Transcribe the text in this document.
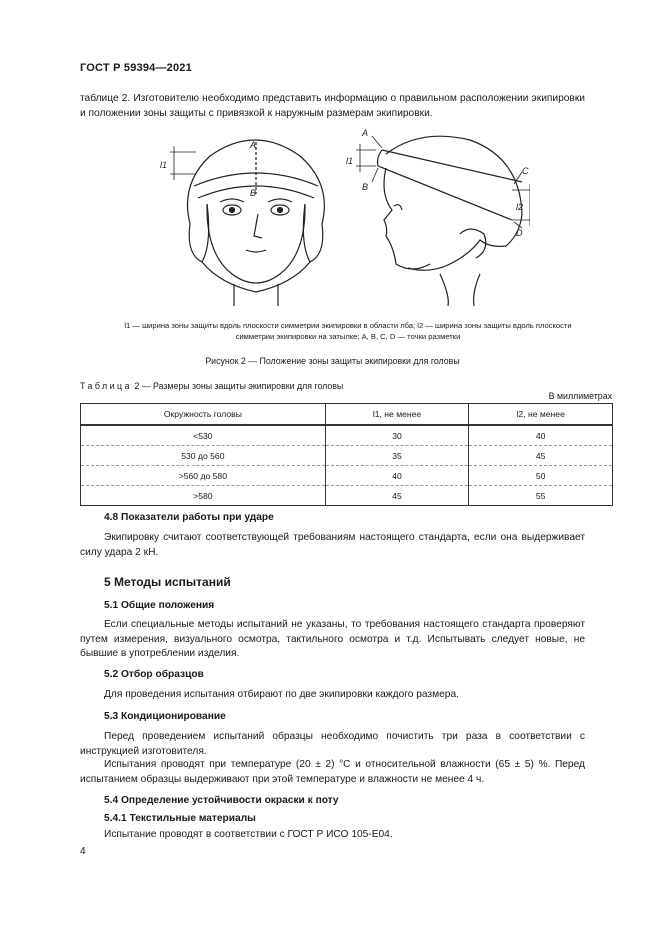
ГОСТ Р 59394—2021

таблице 2. Изготовителю необходимо представить информацию о правильном расположении экипировки и положении зоны защиты с привязкой к наружным размерам экипировки.

A
B
l1
A
B
C
D
l1
l2
l1 — ширина зоны защиты вдоль плоскости симметрии экипировки в области лба; l2 — ширина зоны защиты вдоль плоскости
симметрии экипировки на затылке; A, B, C, D — точки разметки
Рисунок 2 — Положение зоны защиты экипировки для головы
Таблица 2 — Размеры зоны защиты экипировки для головы
В миллиметрах
Окружность головы	l1, не менее	l2, не менее
<530	30	40
530 до 560	35	45
>560 до 580	40	50
>580	45	55

4.8 Показатели работы при ударе

Экипировку считают соответствующей требованиям настоящего стандарта, если она выдерживает силу удара 2 кН.

5 Методы испытаний

5.1 Общие положения

Если специальные методы испытаний не указаны, то требования настоящего стандарта проверяют путем измерения, визуального осмотра, тактильного осмотра и т.д. Испытывать следует новые, не бывшие в употреблении изделия.

5.2 Отбор образцов

Для проведения испытания отбирают по две экипировки каждого размера.

5.3 Кондиционирование

Перед проведением испытаний образцы необходимо почистить три раза в соответствии с инструкцией изготовителя.

Испытания проводят при температуре (20 ± 2) °С и относительной влажности (65 ± 5) %. Перед испытанием образцы выдерживают при этой температуре и влажности не менее 4 ч.

5.4 Определение устойчивости окраски к поту

5.4.1 Текстильные материалы

Испытание проводят в соответствии с ГОСТ Р ИСО 105-Е04.

4
